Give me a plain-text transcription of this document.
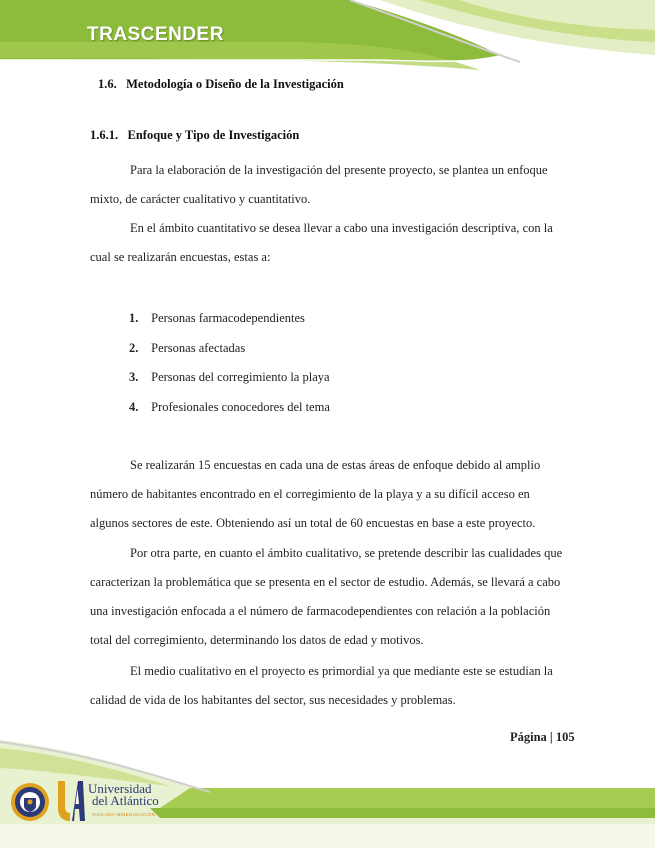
TRASCENDER
1.6. Metodología o Diseño de la Investigación
1.6.1. Enfoque y Tipo de Investigación
Para la elaboración de la investigación del presente proyecto, se plantea un enfoque
mixto, de carácter cualitativo y cuantitativo.
En el ámbito cuantitativo se desea llevar a cabo una investigación descriptiva, con la
cual se realizarán encuestas, estas a:
1. Personas farmacodependientes
2. Personas afectadas
3. Personas del corregimiento la playa
4. Profesionales conocedores del tema
Se realizarán 15 encuestas en cada una de estas áreas de enfoque debido al amplio
número de habitantes encontrado en el corregimiento de la playa y a su difícil acceso en
algunos sectores de este. Obteniendo así un total de 60 encuestas en base a este proyecto.
Por otra parte, en cuanto el ámbito cualitativo, se pretende describir las cualidades que
caracterizan la problemática que se presenta en el sector de estudio. Además, se llevará a cabo
una investigación enfocada a el número de farmacodependientes con relación a la población
total del corregimiento, determinando los datos de edad y motivos.
El medio cualitativo en el proyecto es primordial ya que mediante este se estudian la
calidad de vida de los habitantes del sector, sus necesidades y problemas.
Página | 105
Universidad
del Atlántico
VIGILADA MINEDUCACIÓN
